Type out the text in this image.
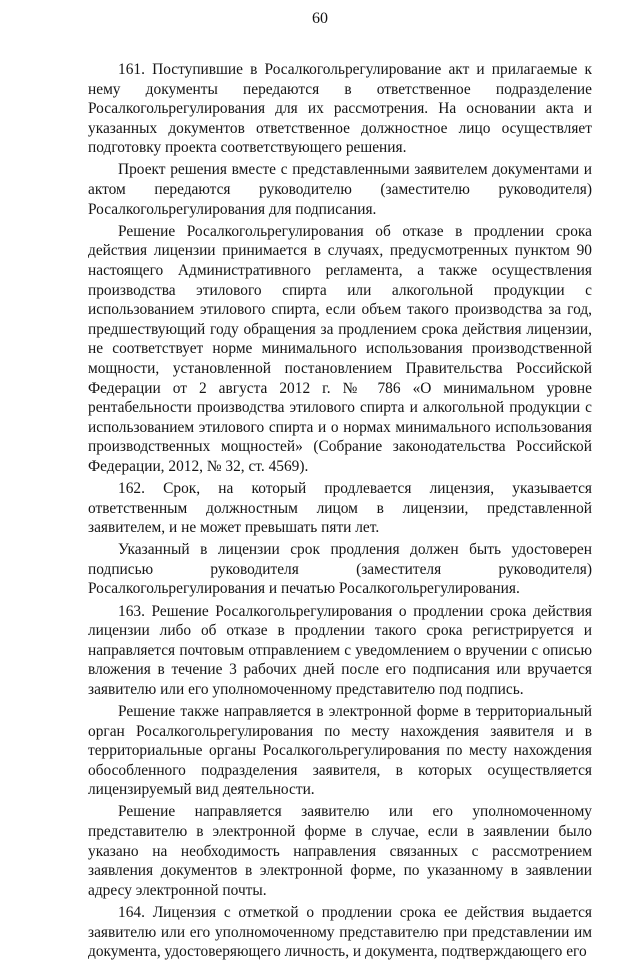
60

161. Поступившие в Росалкогольрегулирование акт и прилагаемые к нему документы передаются в ответственное подразделение Росалкогольрегулирования для их рассмотрения. На основании акта и указанных документов ответственное должностное лицо осуществляет подготовку проекта соответствующего решения.

Проект решения вместе с представленными заявителем документами и актом передаются руководителю (заместителю руководителя) Росалкогольрегулирования для подписания.

Решение Росалкогольрегулирования об отказе в продлении срока действия лицензии принимается в случаях, предусмотренных пунктом 90 настоящего Административного регламента, а также осуществления производства этилового спирта или алкогольной продукции с использованием этилового спирта, если объем такого производства за год, предшествующий году обращения за продлением срока действия лицензии, не соответствует норме минимального использования производственной мощности, установленной постановлением Правительства Российской Федерации от 2 августа 2012 г. № 786 «О минимальном уровне рентабельности производства этилового спирта и алкогольной продукции с использованием этилового спирта и о нормах минимального использования производственных мощностей» (Собрание законодательства Российской Федерации, 2012, № 32, ст. 4569).

162. Срок, на который продлевается лицензия, указывается ответственным должностным лицом в лицензии, представленной заявителем, и не может превышать пяти лет.

Указанный в лицензии срок продления должен быть удостоверен подписью руководителя (заместителя руководителя) Росалкогольрегулирования и печатью Росалкогольрегулирования.

163. Решение Росалкогольрегулирования о продлении срока действия лицензии либо об отказе в продлении такого срока регистрируется и направляется почтовым отправлением с уведомлением о вручении с описью вложения в течение 3 рабочих дней после его подписания или вручается заявителю или его уполномоченному представителю под подпись.

Решение также направляется в электронной форме в территориальный орган Росалкогольрегулирования по месту нахождения заявителя и в территориальные органы Росалкогольрегулирования по месту нахождения обособленного подразделения заявителя, в которых осуществляется лицензируемый вид деятельности.

Решение направляется заявителю или его уполномоченному представителю в электронной форме в случае, если в заявлении было указано на необходимость направления связанных с рассмотрением заявления документов в электронной форме, по указанному в заявлении адресу электронной почты.

164. Лицензия с отметкой о продлении срока ее действия выдается заявителю или его уполномоченному представителю при представлении им документа, удостоверяющего личность, и документа, подтверждающего его
